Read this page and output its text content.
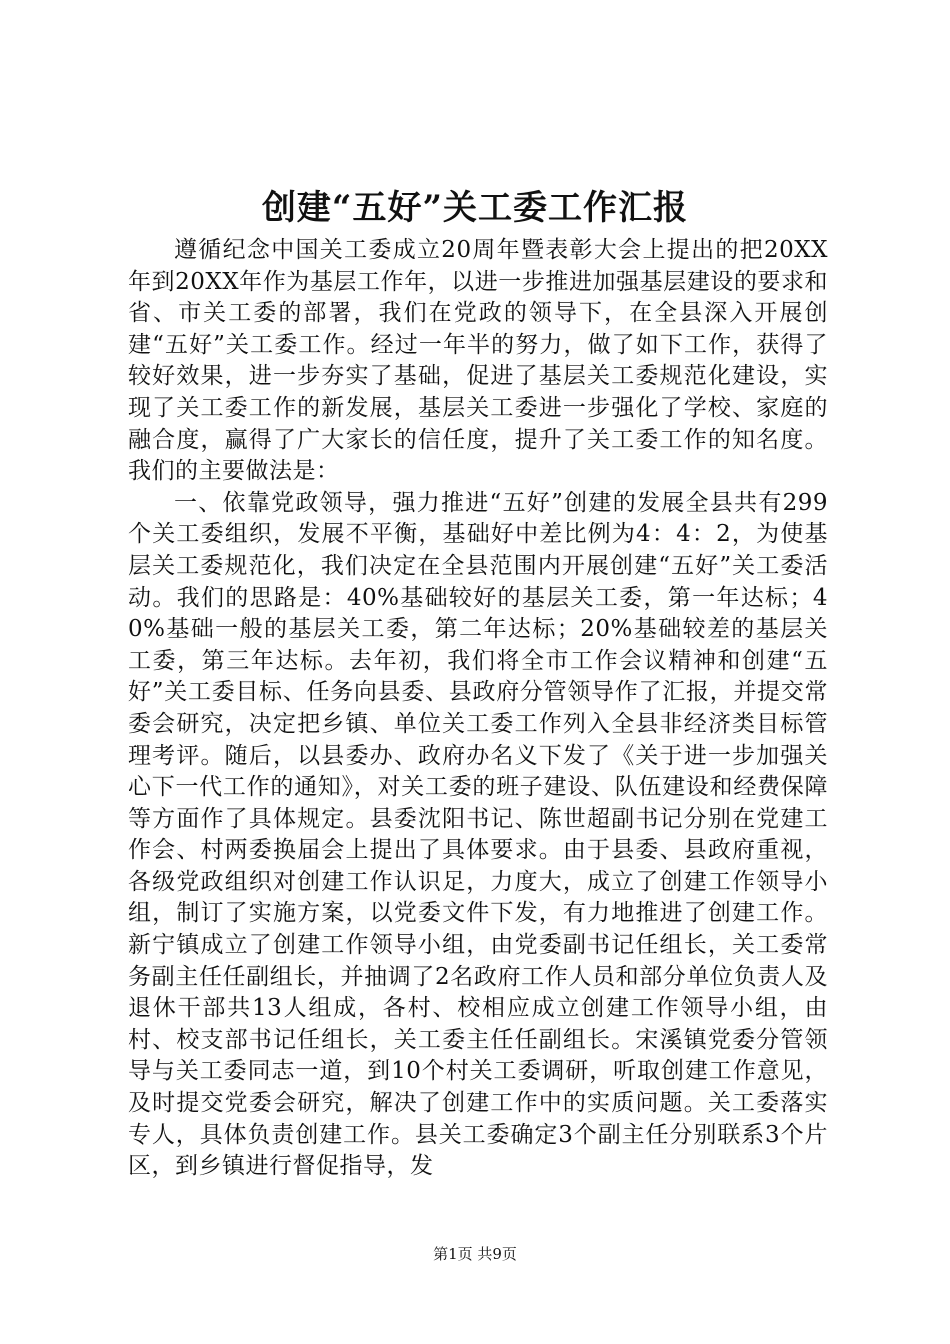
创建“五好”关工委工作汇报

遵循纪念中国关工委成立20周年暨表彰大会上提出的把20XX年到20XX年作为基层工作年，以进一步推进加强基层建设的要求和省、市关工委的部署，我们在党政的领导下，在全县深入开展创建“五好”关工委工作。经过一年半的努力，做了如下工作，获得了较好效果，进一步夯实了基础，促进了基层关工委规范化建设，实现了关工委工作的新发展，基层关工委进一步强化了学校、家庭的融合度，赢得了广大家长的信任度，提升了关工委工作的知名度。我们的主要做法是：

一、依靠党政领导，强力推进“五好”创建的发展全县共有299个关工委组织，发展不平衡，基础好中差比例为4：4：2，为使基层关工委规范化，我们决定在全县范围内开展创建“五好”关工委活动。我们的思路是：40%基础较好的基层关工委，第一年达标；40%基础一般的基层关工委，第二年达标；20%基础较差的基层关工委，第三年达标。去年初，我们将全市工作会议精神和创建“五好”关工委目标、任务向县委、县政府分管领导作了汇报，并提交常委会研究，决定把乡镇、单位关工委工作列入全县非经济类目标管理考评。随后，以县委办、政府办名义下发了《关于进一步加强关心下一代工作的通知》，对关工委的班子建设、队伍建设和经费保障等方面作了具体规定。县委沈阳书记、陈世超副书记分别在党建工作会、村两委换届会上提出了具体要求。由于县委、县政府重视，各级党政组织对创建工作认识足，力度大，成立了创建工作领导小组，制订了实施方案，以党委文件下发，有力地推进了创建工作。新宁镇成立了创建工作领导小组，由党委副书记任组长，关工委常务副主任任副组长，并抽调了2名政府工作人员和部分单位负责人及退休干部共13人组成，各村、校相应成立创建工作领导小组，由村、校支部书记任组长，关工委主任任副组长。宋溪镇党委分管领导与关工委同志一道，到10个村关工委调研，听取创建工作意见，及时提交党委会研究，解决了创建工作中的实质问题。关工委落实专人，具体负责创建工作。县关工委确定3个副主任分别联系3个片区，到乡镇进行督促指导，发

第1页 共9页
